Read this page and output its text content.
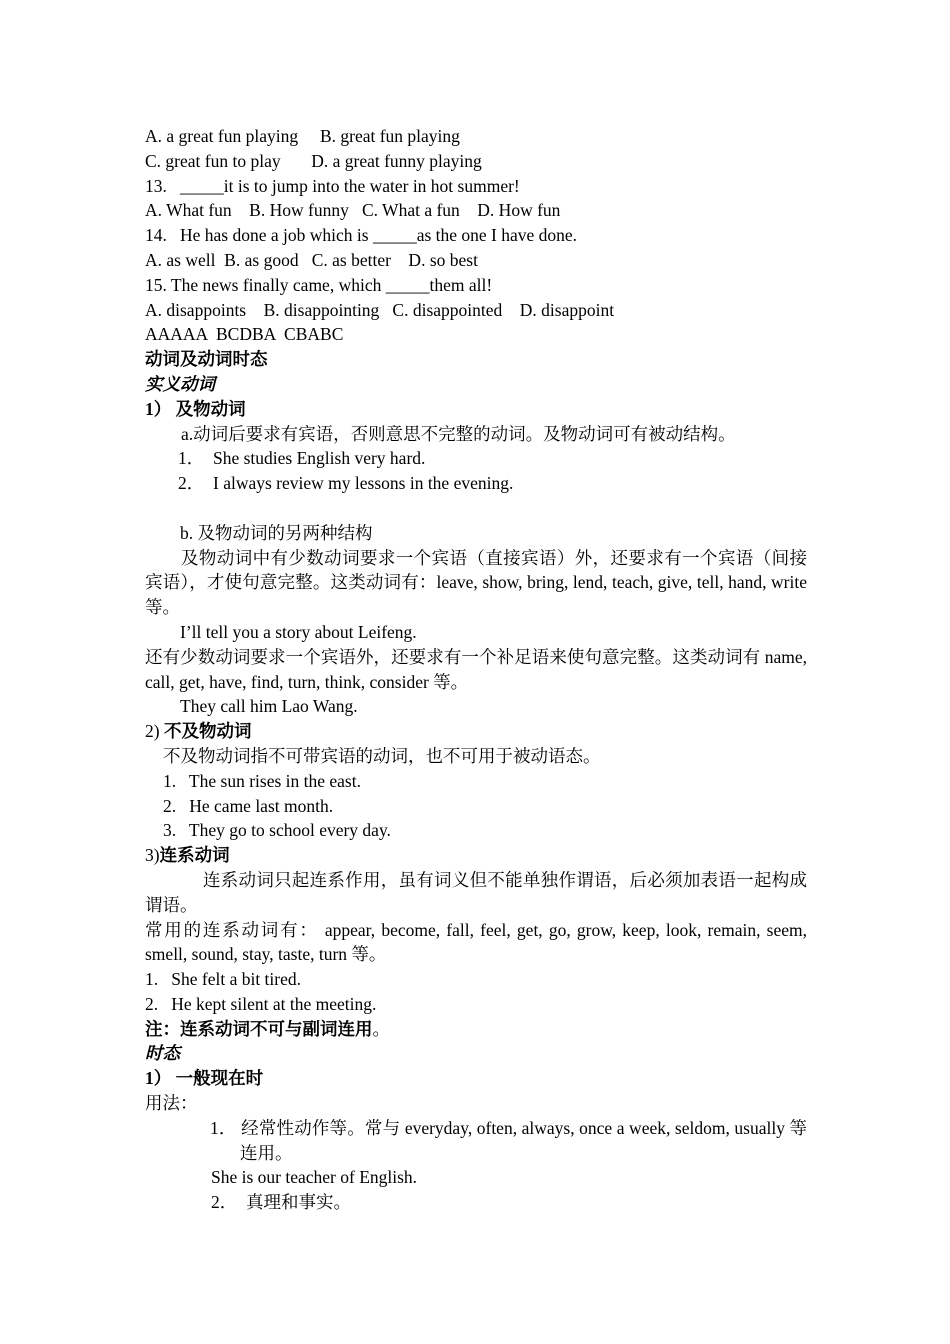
A. a great fun playing     B. great fun playing
C. great fun to play       D. a great funny playing
13.   _____it is to jump into the water in hot summer!
A. What fun    B. How funny   C. What a fun    D. How fun
14.   He has done a job which is _____as the one I have done.
A. as well  B. as good   C. as better    D. so best
15. The news finally came, which _____them all!
A. disappoints    B. disappointing   C. disappointed    D. disappoint
AAAAA  BCDBA  CBABC
动词及动词时态
实义动词
1） 及物动词
a.动词后要求有宾语，否则意思不完整的动词。及物动词可有被动结构。
1．  She studies English very hard.
2．  I always review my lessons in the evening.
b. 及物动词的另两种结构
及物动词中有少数动词要求一个宾语（直接宾语）外，还要求有一个宾语（间接宾语），才使句意完整。这类动词有：leave, show, bring, lend, teach, give, tell, hand, write 等。
I’ll tell you a story about Leifeng.
还有少数动词要求一个宾语外，还要求有一个补足语来使句意完整。这类动词有 name, call, get, have, find, turn, think, consider 等。
They call him Lao Wang.
2) 不及物动词
不及物动词指不可带宾语的动词，也不可用于被动语态。
1.   The sun rises in the east.
2.   He came last month.
3.   They go to school every day.
3)连系动词
连系动词只起连系作用，虽有词义但不能单独作谓语，后必须加表语一起构成谓语。
常用的连系动词有： appear, become, fall, feel, get, go, grow, keep, look, remain, seem, smell, sound, stay, taste, turn 等。
1.   She felt a bit tired.
2.   He kept silent at the meeting.
注：连系动词不可与副词连用。
时态
1） 一般现在时
用法：
1． 经常性动作等。常与 everyday, often, always, once a week, seldom, usually 等连用。
She is our teacher of English.
2．  真理和事实。
